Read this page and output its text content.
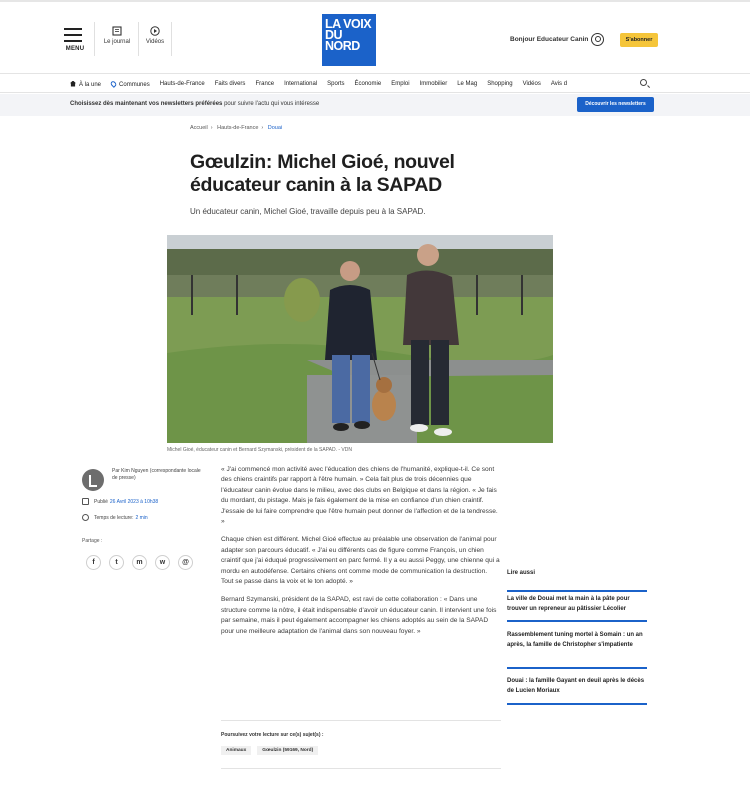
MENU
Le journal	Vidéos
LA VOIX DU NORD	Bonjour Educateur Canin	S'abonner
À la une	Communes Hauts-de-France Faits divers France International Sports Économie Emploi Immobilier Le Mag Shopping Vidéos Avis d
Choisissez dès maintenant vos newsletters préférées pour suivre l'actu qui vous intéresse	Découvrir les newsletters
Accueil › Hauts-de-France › Douai
Gœulzin: Michel Gioé, nouvel éducateur canin à la SAPAD
Un éducateur canin, Michel Gioé, travaille depuis peu à la SAPAD.
Michel Gioé, éducateur canin et Bernard Szymanski, président de la SAPAD. - VDN
Par Kim Nguyen (correspondante locale de presse)
Publié 26 Avril 2023 à 10h38
Temps de lecture: 2 min
Partage :
f	t	m	w	@

« J'ai commencé mon activité avec l'éducation des chiens de l'humanité, explique-t-il. Ce sont des chiens craintifs par rapport à l'être humain. » Cela fait plus de trois décennies que l'éducateur canin évolue dans le milieu, avec des clubs en Belgique et dans la région. « Je fais du mordant, du pistage. Mais je fais également de la mise en confiance d'un chien craintif. J'essaie de lui faire comprendre que l'être humain peut donner de l'affection et de la tendresse. »

Chaque chien est différent. Michel Gioé effectue au préalable une observation de l'animal pour adapter son parcours éducatif. « J'ai eu différents cas de figure comme François, un chien craintif que j'ai éduqué progressivement en parc fermé. Il y a eu aussi Peggy, une chienne qui a mordu en autodéfense. Certains chiens ont comme mode de communication la destruction. Tout se passe dans la voix et le ton adopté. »

Bernard Szymanski, président de la SAPAD, est ravi de cette collaboration : « Dans une structure comme la nôtre, il était indispensable d'avoir un éducateur canin. Il intervient une fois par semaine, mais il peut également accompagner les chiens adoptés au sein de la SAPAD pour une meilleure adaptation de l'animal dans son nouveau foyer. »

Poursuivez votre lecture sur ce(s) sujet(s) :
Animaux	Gœulzin (59169, Nord)
Lire aussi
La ville de Douai met la main à la pâte pour trouver un repreneur au pâtissier Lécolier
Rassemblement tuning mortel à Somain : un an après, la famille de Christopher s'impatiente
Douai : la famille Gayant en deuil après le décès de Lucien Moriaux
